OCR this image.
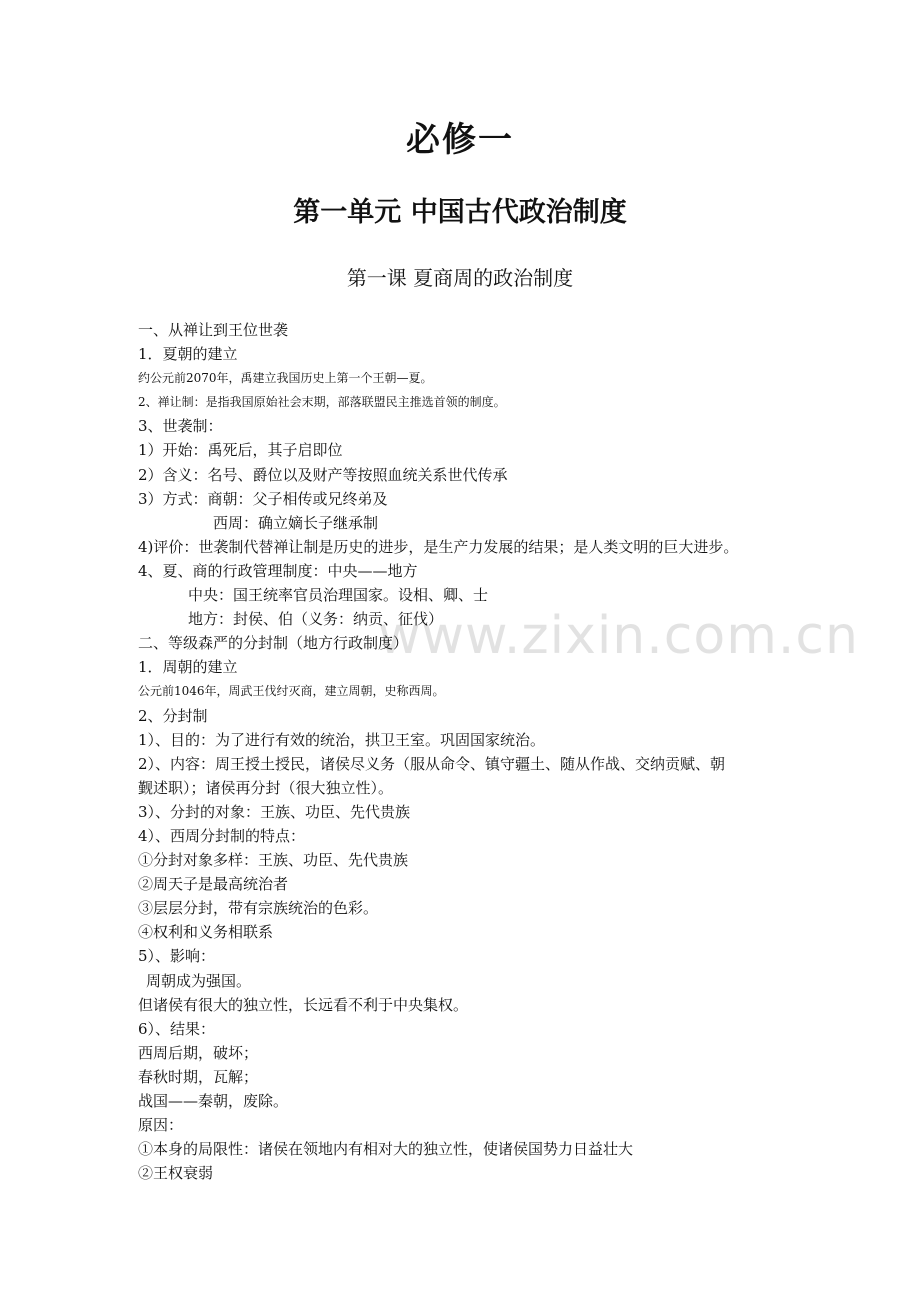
www.zixin.com.cn
必修一
第一单元 中国古代政治制度
第一课 夏商周的政治制度
一、从禅让到王位世袭
1．夏朝的建立
约公元前2070年，禹建立我国历史上第一个王朝—夏。
2、禅让制：是指我国原始社会末期，部落联盟民主推选首领的制度。
3、世袭制：
1）开始：禹死后，其子启即位
2）含义：名号、爵位以及财产等按照血统关系世代传承
3）方式：商朝：父子相传或兄终弟及
西周：确立嫡长子继承制
4)评价：世袭制代替禅让制是历史的进步，是生产力发展的结果；是人类文明的巨大进步。
4、夏、商的行政管理制度：中央——地方
中央：国王统率官员治理国家。设相、卿、士
地方：封侯、伯（义务：纳贡、征伐）
二、等级森严的分封制（地方行政制度）
1．周朝的建立
公元前1046年，周武王伐纣灭商，建立周朝，史称西周。
2、分封制
1）、目的：为了进行有效的统治，拱卫王室。巩固国家统治。
2）、内容：周王授土授民，诸侯尽义务（服从命令、镇守疆土、随从作战、交纳贡赋、朝
觐述职）；诸侯再分封（很大独立性）。
3）、分封的对象：王族、功臣、先代贵族
4）、西周分封制的特点：
①分封对象多样：王族、功臣、先代贵族
②周天子是最高统治者
③层层分封，带有宗族统治的色彩。
④权利和义务相联系
5）、影响：
周朝成为强国。
但诸侯有很大的独立性，长远看不利于中央集权。
6）、结果：
西周后期，破坏；
春秋时期，瓦解；
战国——秦朝，废除。
原因：
①本身的局限性：诸侯在领地内有相对大的独立性，使诸侯国势力日益壮大
②王权衰弱
